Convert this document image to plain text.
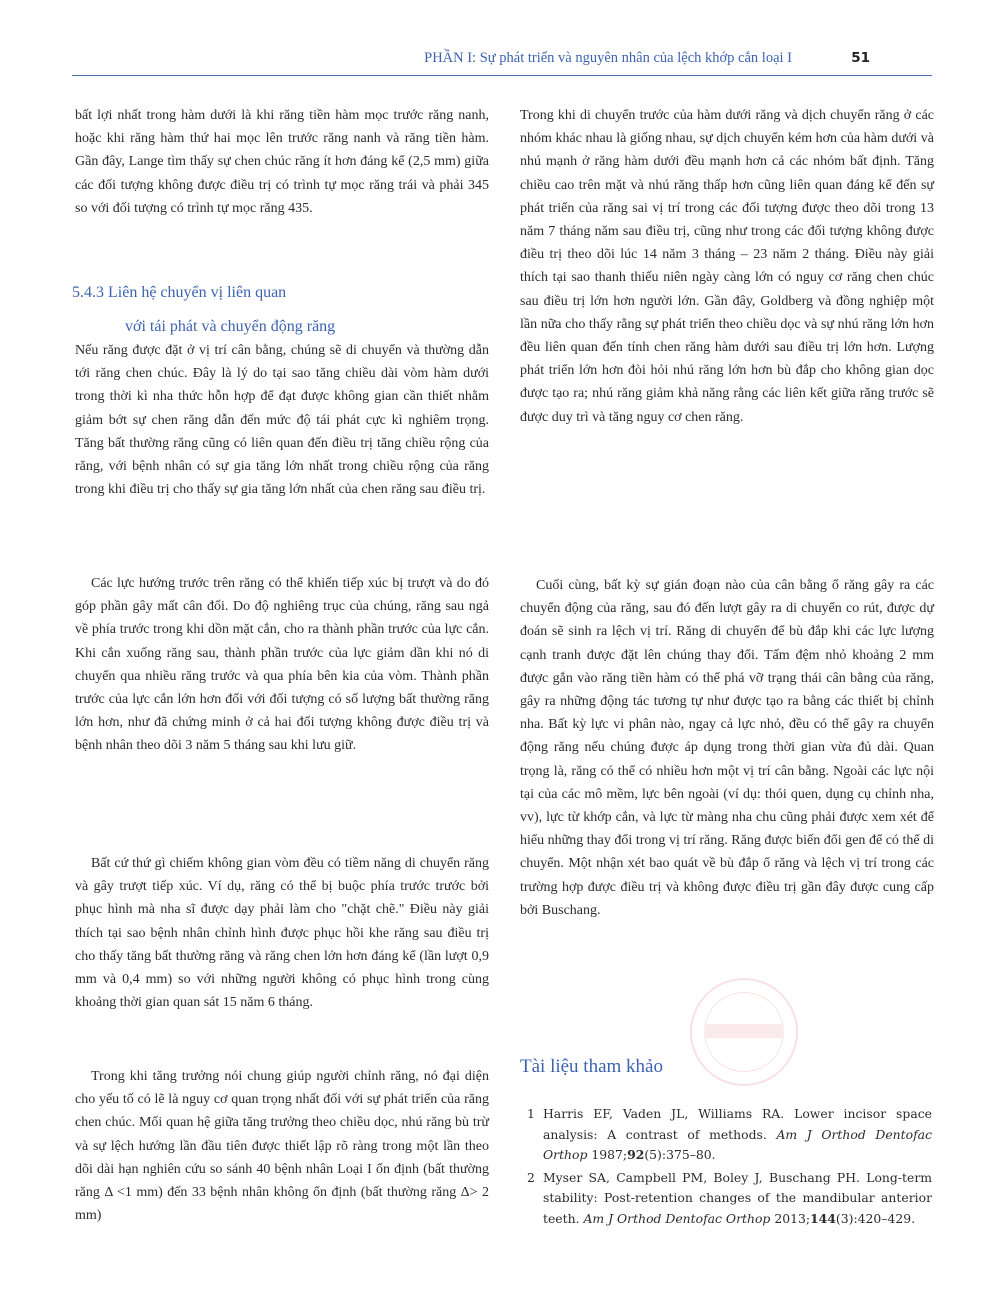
PHẦN I: Sự phát triển và nguyên nhân của lệch khớp cắn loại I	51

bất lợi nhất trong hàm dưới là khi răng tiền hàm mọc trước răng nanh, hoặc khi răng hàm thứ hai mọc lên trước răng nanh và răng tiền hàm. Gần đây, Lange tìm thấy sự chen chúc răng ít hơn đáng kể (2,5 mm) giữa các đối tượng không được điều trị có trình tự mọc răng trái và phải 345 so với đối tượng có trình tự mọc răng 435.

5.4.3 Liên hệ chuyển vị liên quan
với tái phát và chuyển động răng

Nếu răng được đặt ở vị trí cân bằng, chúng sẽ di chuyển và thường dẫn tới răng chen chúc. Đây là lý do tại sao tăng chiều dài vòm hàm dưới trong thời kì nha thức hỗn hợp để đạt được không gian cần thiết nhằm giảm bớt sự chen răng dẫn đến mức độ tái phát cực kì nghiêm trọng. Tăng bất thường răng cũng có liên quan đến điều trị tăng chiều rộng của răng, với bệnh nhân có sự gia tăng lớn nhất trong chiều rộng của răng trong khi điều trị cho thấy sự gia tăng lớn nhất của chen răng sau điều trị.

Các lực hướng trước trên răng có thể khiến tiếp xúc bị trượt và do đó góp phần gây mất cân đối. Do độ nghiêng trục của chúng, răng sau ngả về phía trước trong khi dồn mặt cắn, cho ra thành phần trước của lực cắn. Khi cắn xuống răng sau, thành phần trước của lực giảm dần khi nó di chuyển qua nhiều răng trước và qua phía bên kia của vòm. Thành phần trước của lực cắn lớn hơn đối với đối tượng có số lượng bất thường răng lớn hơn, như đã chứng minh ở cả hai đối tượng không được điều trị và bệnh nhân theo dõi 3 năm 5 tháng sau khi lưu giữ.

Bất cứ thứ gì chiếm không gian vòm đều có tiềm năng di chuyển răng và gây trượt tiếp xúc. Ví dụ, răng có thể bị buộc phía trước trước bởi phục hình mà nha sĩ được dạy phải làm cho "chặt chẽ." Điều này giải thích tại sao bệnh nhân chỉnh hình được phục hồi khe răng sau điều trị cho thấy tăng bất thường răng và răng chen lớn hơn đáng kể (lần lượt 0,9 mm và 0,4 mm) so với những người không có phục hình trong cùng khoảng thời gian quan sát 15 năm 6 tháng.

Trong khi tăng trưởng nói chung giúp người chỉnh răng, nó đại diện cho yếu tố có lẽ là nguy cơ quan trọng nhất đối với sự phát triển của răng chen chúc. Mối quan hệ giữa tăng trưởng theo chiều dọc, nhú răng bù trừ và sự lệch hướng lần đầu tiên được thiết lập rõ ràng trong một lần theo dõi dài hạn nghiên cứu so sánh 40 bệnh nhân Loại I ổn định (bất thường răng Δ <1 mm) đến 33 bệnh nhân không ổn định (bất thường răng Δ> 2 mm)

Trong khi di chuyển trước của hàm dưới răng và dịch chuyển răng ở các nhóm khác nhau là giống nhau, sự dịch chuyển kém hơn của hàm dưới và nhú mạnh ở răng hàm dưới đều mạnh hơn cả các nhóm bất định. Tăng chiều cao trên mặt và nhú răng thấp hơn cũng liên quan đáng kể đến sự phát triển của răng sai vị trí trong các đối tượng được theo dõi trong 13 năm 7 tháng năm sau điều trị, cũng như trong các đối tượng không được điều trị theo dõi lúc 14 năm 3 tháng – 23 năm 2 tháng. Điều này giải thích tại sao thanh thiếu niên ngày càng lớn có nguy cơ răng chen chúc sau điều trị lớn hơn người lớn. Gần đây, Goldberg và đồng nghiệp một lần nữa cho thấy rằng sự phát triển theo chiều dọc và sự nhú răng lớn hơn đều liên quan đến tính chen răng hàm dưới sau điều trị lớn hơn. Lượng phát triển lớn hơn đòi hỏi nhú răng lớn hơn bù đắp cho không gian dọc được tạo ra; nhú răng giảm khả năng rằng các liên kết giữa răng trước sẽ được duy trì và tăng nguy cơ chen răng.

Cuối cùng, bất kỳ sự gián đoạn nào của cân bằng ổ răng gây ra các chuyển động của răng, sau đó đến lượt gây ra di chuyển co rút, được dự đoán sẽ sinh ra lệch vị trí. Răng di chuyển để bù đắp khi các lực lượng cạnh tranh được đặt lên chúng thay đổi. Tấm đệm nhỏ khoảng 2 mm được gắn vào răng tiền hàm có thể phá vỡ trạng thái cân bằng của răng, gây ra những động tác tương tự như được tạo ra bằng các thiết bị chỉnh nha. Bất kỳ lực vi phân nào, ngay cả lực nhỏ, đều có thể gây ra chuyển động răng nếu chúng được áp dụng trong thời gian vừa đủ dài. Quan trọng là, răng có thể có nhiều hơn một vị trí cân bằng. Ngoài các lực nội tại của các mô mềm, lực bên ngoài (ví dụ: thói quen, dụng cụ chỉnh nha, vv), lực từ khớp cắn, và lực từ màng nha chu cũng phải được xem xét để hiểu những thay đổi trong vị trí răng. Răng được biến đổi gen để có thể di chuyển. Một nhận xét bao quát về bù đắp ổ răng và lệch vị trí trong các trường hợp được điều trị và không được điều trị gần đây được cung cấp bởi Buschang.

Tài liệu tham khảo
1 Harris EF, Vaden JL, Williams RA. Lower incisor space analysis: A contrast of methods. Am J Orthod Dentofac Orthop 1987;92(5):375–80.
2 Myser SA, Campbell PM, Boley J, Buschang PH. Long-term stability: Post-retention changes of the mandibular anterior teeth. Am J Orthod Dentofac Orthop 2013;144(3):420–429.
